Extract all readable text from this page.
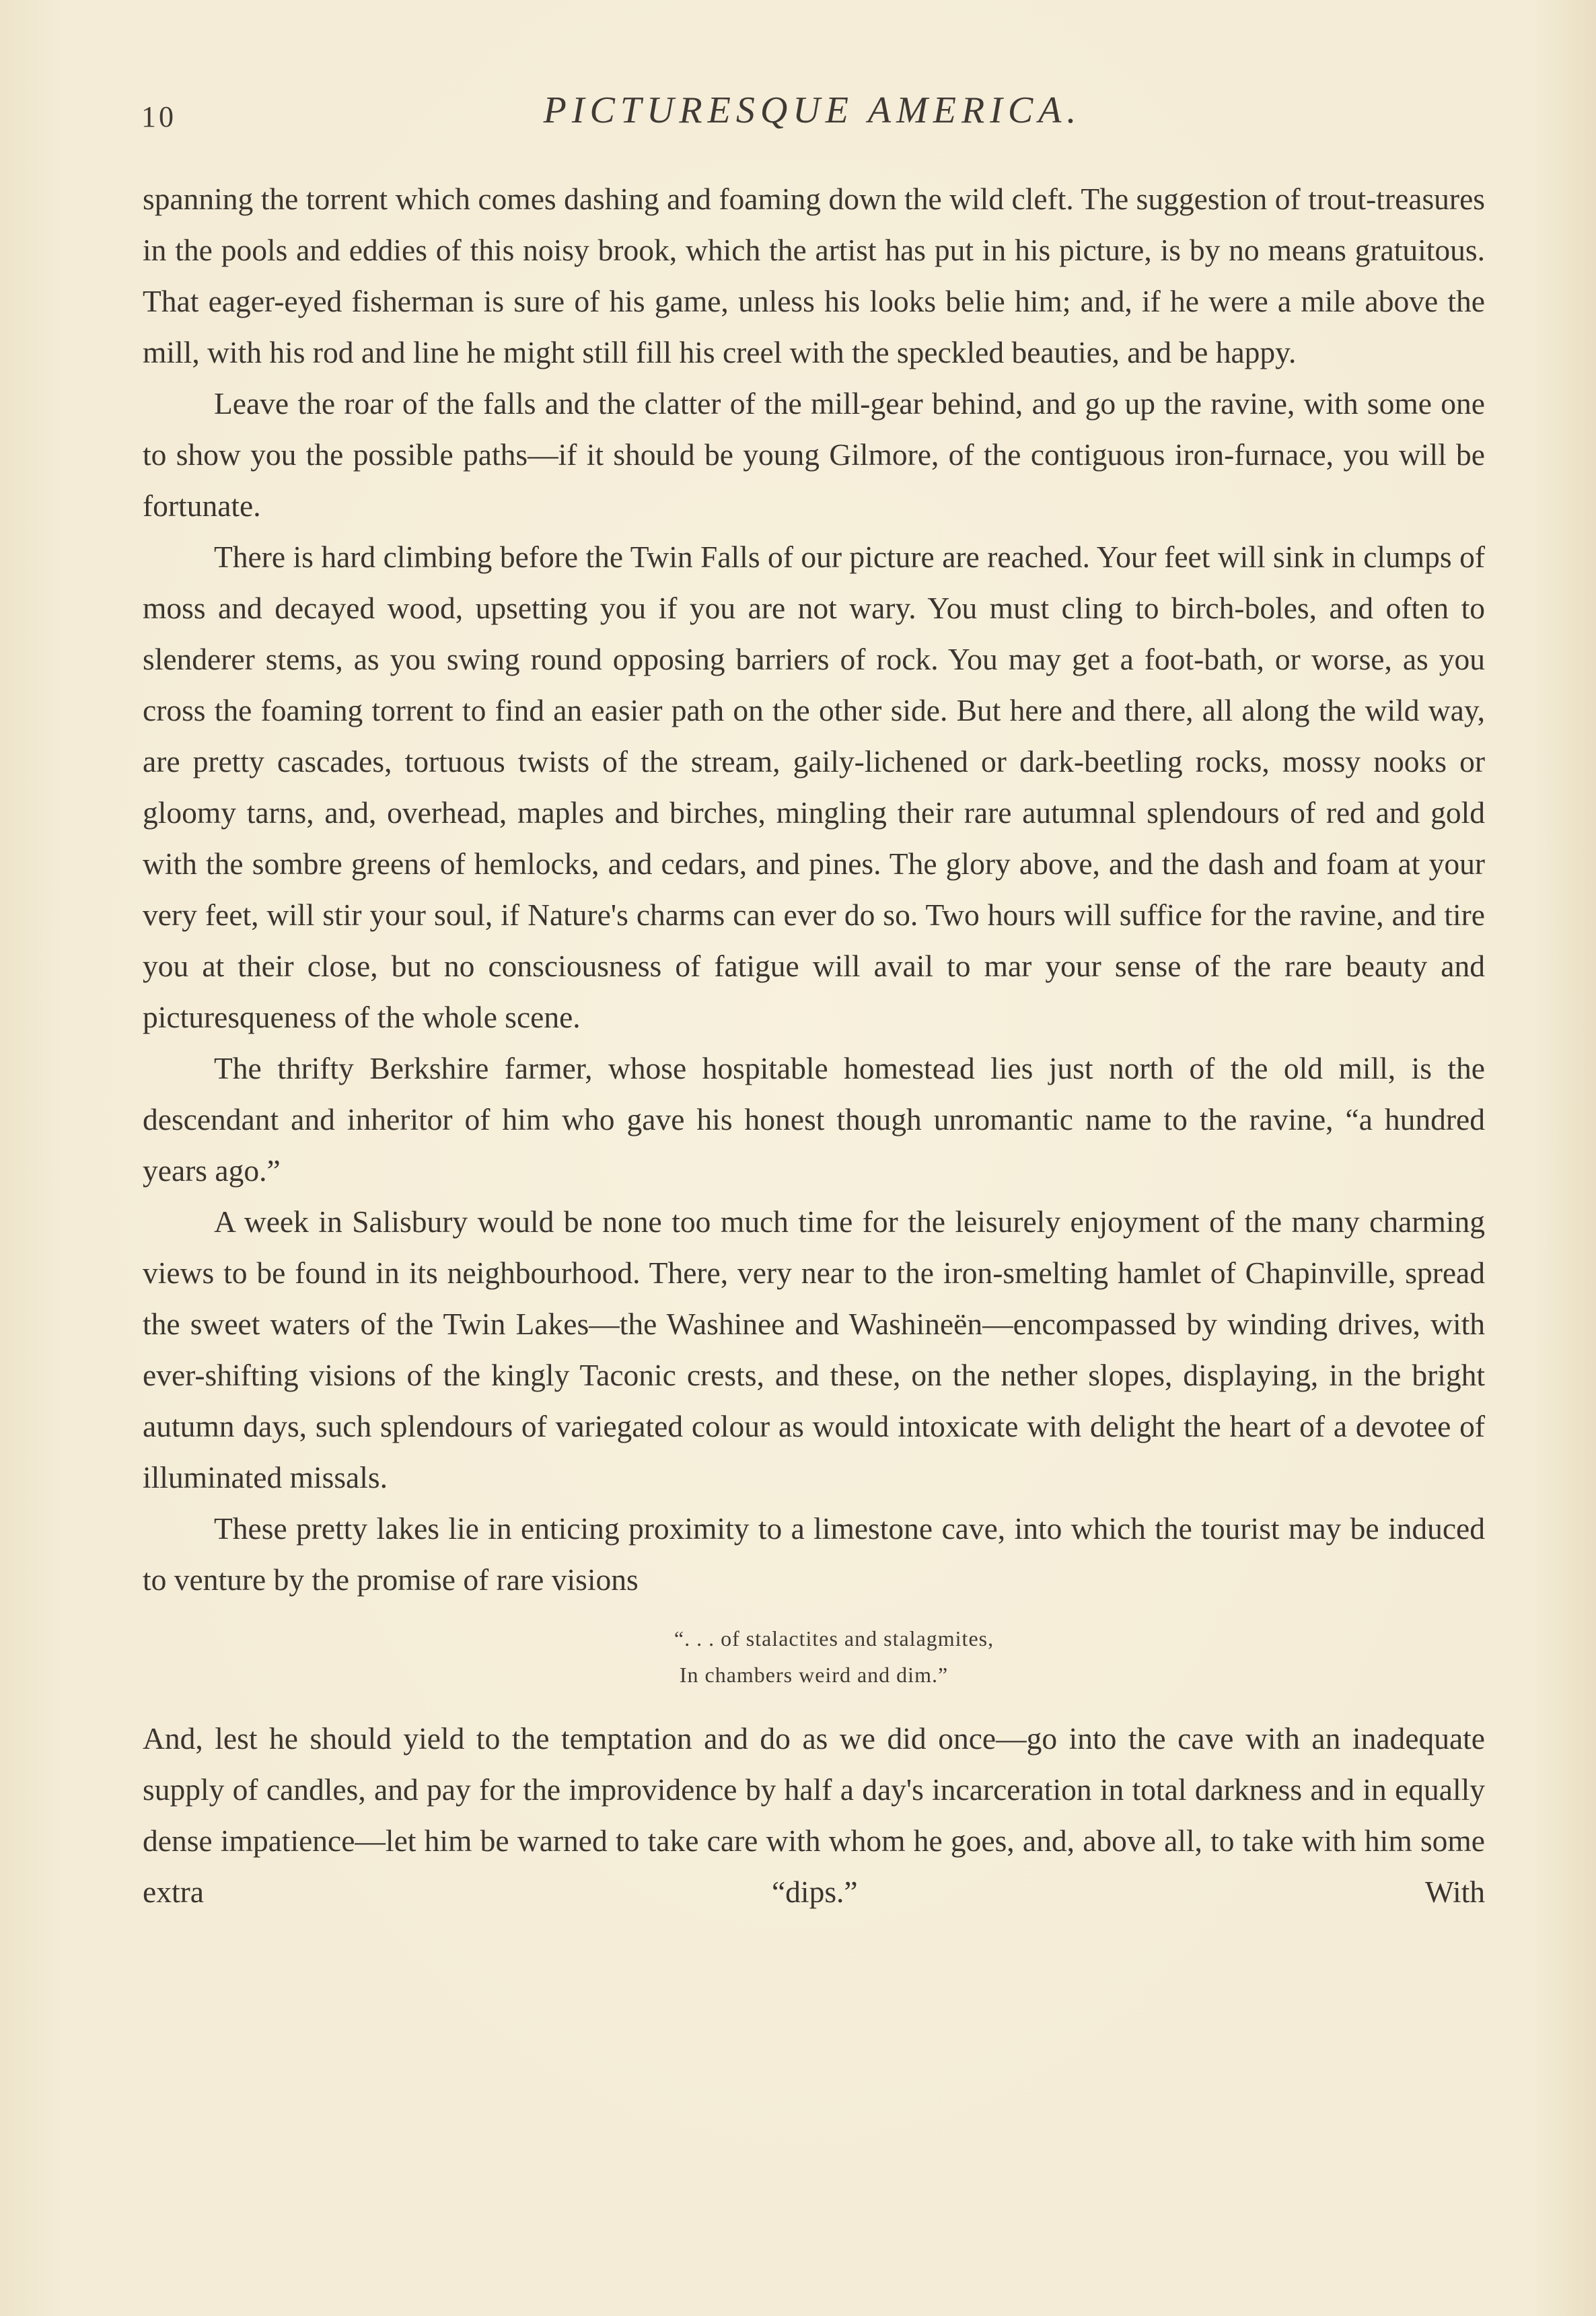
10	PICTURESQUE AMERICA.

spanning the torrent which comes dashing and foaming down the wild cleft. The suggestion of trout-treasures in the pools and eddies of this noisy brook, which the artist has put in his picture, is by no means gratuitous. That eager-eyed fisherman is sure of his game, unless his looks belie him; and, if he were a mile above the mill, with his rod and line he might still fill his creel with the speckled beauties, and be happy.

Leave the roar of the falls and the clatter of the mill-gear behind, and go up the ravine, with some one to show you the possible paths—if it should be young Gilmore, of the contiguous iron-furnace, you will be fortunate.

There is hard climbing before the Twin Falls of our picture are reached. Your feet will sink in clumps of moss and decayed wood, upsetting you if you are not wary. You must cling to birch-boles, and often to slenderer stems, as you swing round opposing barriers of rock. You may get a foot-bath, or worse, as you cross the foaming torrent to find an easier path on the other side. But here and there, all along the wild way, are pretty cascades, tortuous twists of the stream, gaily-lichened or dark-beetling rocks, mossy nooks or gloomy tarns, and, overhead, maples and birches, mingling their rare autumnal splendours of red and gold with the sombre greens of hemlocks, and cedars, and pines. The glory above, and the dash and foam at your very feet, will stir your soul, if Nature's charms can ever do so. Two hours will suffice for the ravine, and tire you at their close, but no consciousness of fatigue will avail to mar your sense of the rare beauty and picturesqueness of the whole scene.

The thrifty Berkshire farmer, whose hospitable homestead lies just north of the old mill, is the descendant and inheritor of him who gave his honest though unromantic name to the ravine, “a hundred years ago.”

A week in Salisbury would be none too much time for the leisurely enjoyment of the many charming views to be found in its neighbourhood. There, very near to the iron-smelting hamlet of Chapinville, spread the sweet waters of the Twin Lakes—the Washinee and Washineën—encompassed by winding drives, with ever-shifting visions of the kingly Taconic crests, and these, on the nether slopes, displaying, in the bright autumn days, such splendours of variegated colour as would intoxicate with delight the heart of a devotee of illuminated missals.

These pretty lakes lie in enticing proximity to a limestone cave, into which the tourist may be induced to venture by the promise of rare visions

“. . . of stalactites and stalagmites,
In chambers weird and dim.”

And, lest he should yield to the temptation and do as we did once—go into the cave with an inadequate supply of candles, and pay for the improvidence by half a day's incarceration in total darkness and in equally dense impatience—let him be warned to take care with whom he goes, and, above all, to take with him some extra “dips.” With
